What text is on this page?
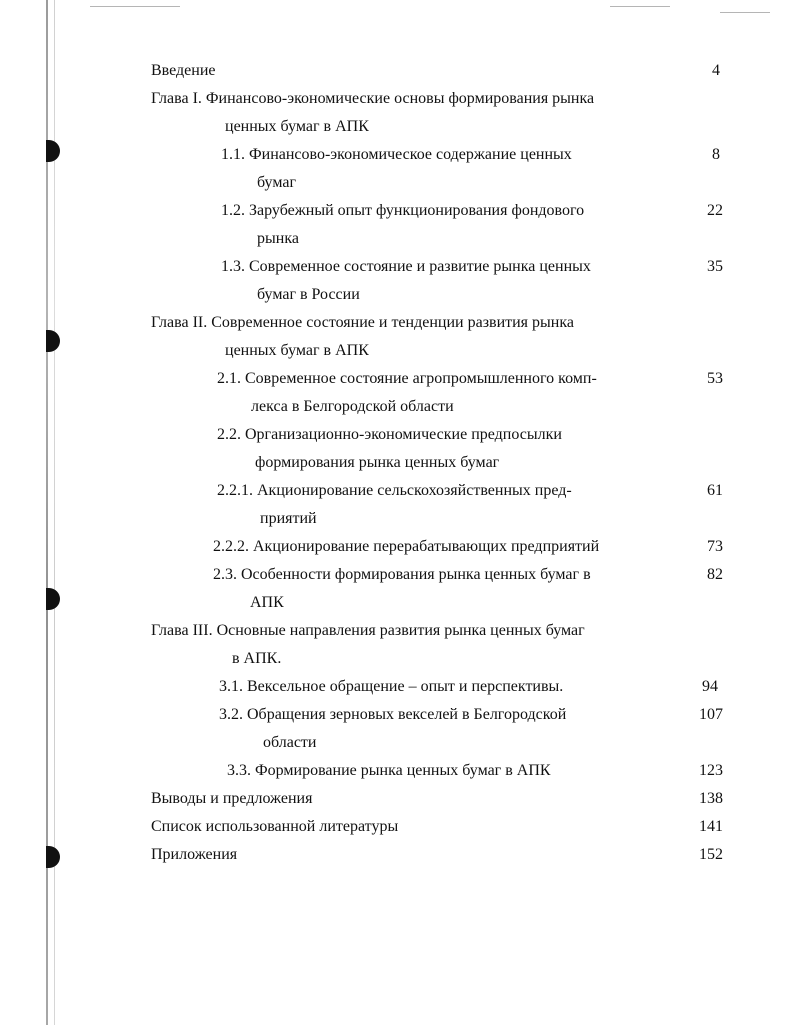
Введение	4
Глава I. Финансово-экономические основы формирования рынка
ценных бумаг в АПК
1.1. Финансово-экономическое содержание ценных	8
бумаг
1.2. Зарубежный опыт функционирования фондового	22
рынка
1.3. Современное состояние и развитие рынка ценных	35
бумаг в России
Глава II. Современное состояние и тенденции развития рынка
ценных бумаг в АПК
2.1. Современное состояние агропромышленного комп-	53
лекса в Белгородской области
2.2. Организационно-экономические предпосылки
формирования рынка ценных бумаг
2.2.1. Акционирование сельскохозяйственных пред-	61
приятий
2.2.2. Акционирование перерабатывающих предприятий	73
2.3. Особенности формирования рынка ценных бумаг в	82
АПК
Глава III. Основные направления развития рынка ценных бумаг
в АПК.
3.1. Вексельное обращение – опыт и перспективы.	94
3.2. Обращения зерновых векселей в Белгородской	107
области
3.3. Формирование рынка ценных бумаг в АПК	123
Выводы и предложения	138
Список использованной литературы	141
Приложения	152
